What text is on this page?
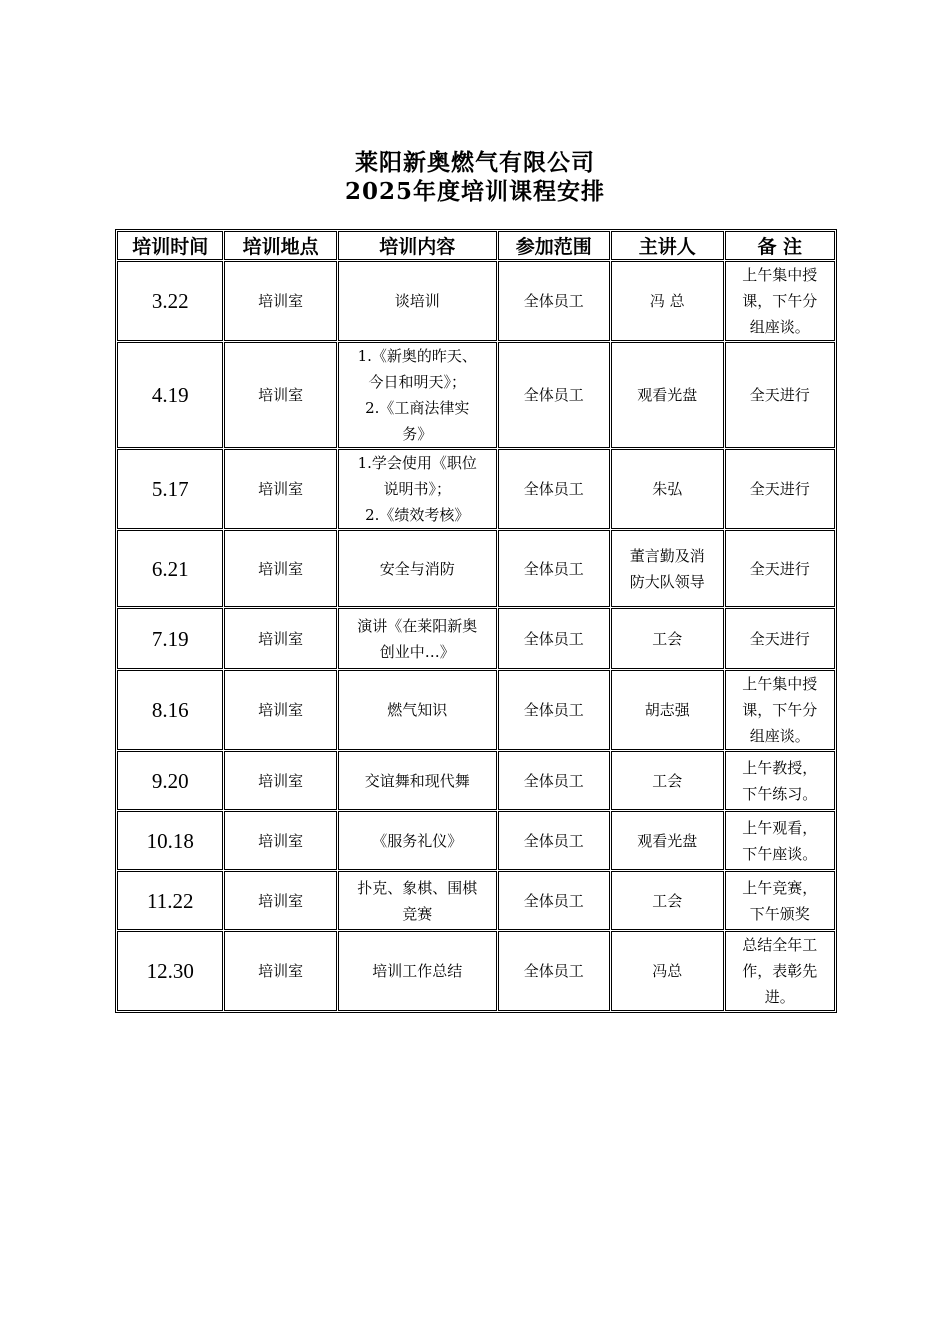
莱阳新奥燃气有限公司
2025年度培训课程安排
培训时间	培训地点	培训内容	参加范围	主讲人	备 注
3.22	培训室	谈培训	全体员工	冯 总	上午集中授
课，下午分
组座谈。

4.19	培训室	1.《新奥的昨天、
今日和明天》；
2.《工商法律实
务》	全体员工	观看光盘	全天进行

5.17	培训室	1.学会使用《职位
说明书》；
2.《绩效考核》	全体员工	朱弘	全天进行

6.21	培训室	安全与消防	全体员工	董言勤及消
防大队领导	全天进行

7.19	培训室	演讲《在莱阳新奥
创业中…》	全体员工	工会	全天进行

8.16	培训室	燃气知识	全体员工	胡志强	上午集中授
课，下午分
组座谈。

9.20	培训室	交谊舞和现代舞	全体员工	工会	上午教授，
下午练习。

10.18	培训室	《服务礼仪》	全体员工	观看光盘	上午观看，
下午座谈。

11.22	培训室	扑克、象棋、围棋
竞赛	全体员工	工会	上午竞赛，
下午颁奖

12.30	培训室	培训工作总结	全体员工	冯总	总结全年工
作，表彰先
进。
